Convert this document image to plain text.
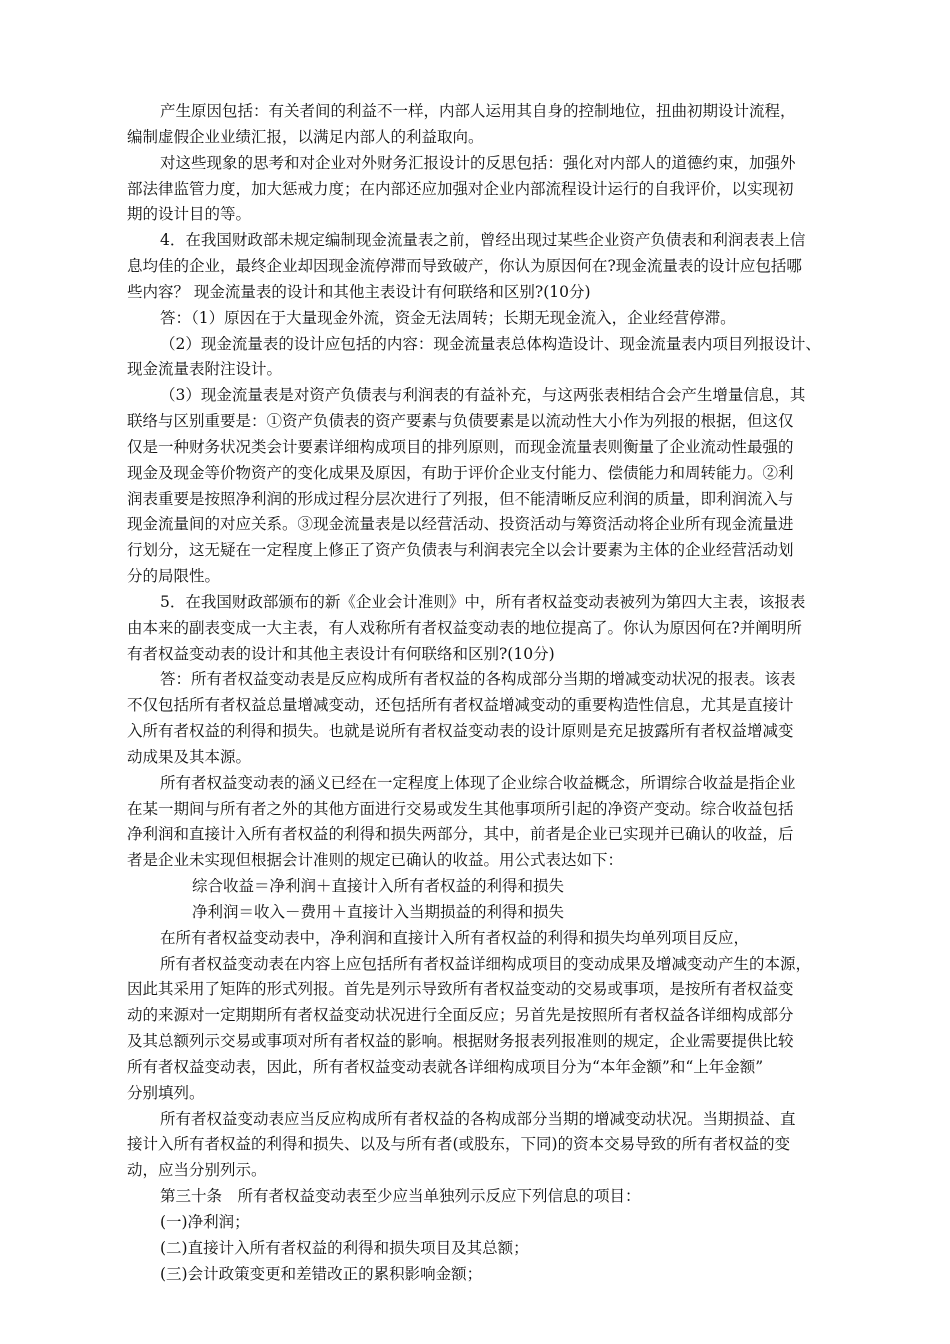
产生原因包括：有关者间的利益不一样，内部人运用其自身的控制地位，扭曲初期设计流程，
编制虚假企业业绩汇报，以满足内部人的利益取向。
对这些现象的思考和对企业对外财务汇报设计的反思包括：强化对内部人的道德约束，加强外
部法律监管力度，加大惩戒力度；在内部还应加强对企业内部流程设计运行的自我评价，以实现初
期的设计目的等。
4．在我国财政部未规定编制现金流量表之前，曾经出现过某些企业资产负债表和利润表表上信
息均佳的企业，最终企业却因现金流停滞而导致破产，你认为原因何在?现金流量表的设计应包括哪
些内容？ 现金流量表的设计和其他主表设计有何联络和区别?(10分)
答：（1）原因在于大量现金外流，资金无法周转；长期无现金流入，企业经营停滞。
（2）现金流量表的设计应包括的内容：现金流量表总体构造设计、现金流量表内项目列报设计、
现金流量表附注设计。
（3）现金流量表是对资产负债表与利润表的有益补充，与这两张表相结合会产生增量信息，其
联络与区别重要是：①资产负债表的资产要素与负债要素是以流动性大小作为列报的根据，但这仅
仅是一种财务状况类会计要素详细构成项目的排列原则，而现金流量表则衡量了企业流动性最强的
现金及现金等价物资产的变化成果及原因，有助于评价企业支付能力、偿债能力和周转能力。②利
润表重要是按照净利润的形成过程分层次进行了列报，但不能清晰反应利润的质量，即利润流入与
现金流量间的对应关系。③现金流量表是以经营活动、投资活动与筹资活动将企业所有现金流量进
行划分，这无疑在一定程度上修正了资产负债表与利润表完全以会计要素为主体的企业经营活动划
分的局限性。
5．在我国财政部颁布的新《企业会计准则》中，所有者权益变动表被列为第四大主表，该报表
由本来的副表变成一大主表，有人戏称所有者权益变动表的地位提高了。你认为原因何在?并阐明所
有者权益变动表的设计和其他主表设计有何联络和区别?(10分)
答：所有者权益变动表是反应构成所有者权益的各构成部分当期的增减变动状况的报表。该表
不仅包括所有者权益总量增减变动，还包括所有者权益增减变动的重要构造性信息，尤其是直接计
入所有者权益的利得和损失。也就是说所有者权益变动表的设计原则是充足披露所有者权益增减变
动成果及其本源。
所有者权益变动表的涵义已经在一定程度上体现了企业综合收益概念，所谓综合收益是指企业
在某一期间与所有者之外的其他方面进行交易或发生其他事项所引起的净资产变动。综合收益包括
净利润和直接计入所有者权益的利得和损失两部分，其中，前者是企业已实现并已确认的收益，后
者是企业未实现但根据会计准则的规定已确认的收益。用公式表达如下：
综合收益＝净利润＋直接计入所有者权益的利得和损失
净利润＝收入－费用＋直接计入当期损益的利得和损失
在所有者权益变动表中，净利润和直接计入所有者权益的利得和损失均单列项目反应，
所有者权益变动表在内容上应包括所有者权益详细构成项目的变动成果及增减变动产生的本源，
因此其采用了矩阵的形式列报。首先是列示导致所有者权益变动的交易或事项，是按所有者权益变
动的来源对一定期期所有者权益变动状况进行全面反应；另首先是按照所有者权益各详细构成部分
及其总额列示交易或事项对所有者权益的影响。根据财务报表列报准则的规定，企业需要提供比较
所有者权益变动表，因此，所有者权益变动表就各详细构成项目分为“本年金额”和“上年金额”
分别填列。
所有者权益变动表应当反应构成所有者权益的各构成部分当期的增减变动状况。当期损益、直
接计入所有者权益的利得和损失、以及与所有者(或股东，下同)的资本交易导致的所有者权益的变
动，应当分别列示。
第三十条　所有者权益变动表至少应当单独列示反应下列信息的项目：
(一)净利润；
(二)直接计入所有者权益的利得和损失项目及其总额；
(三)会计政策变更和差错改正的累积影响金额；
